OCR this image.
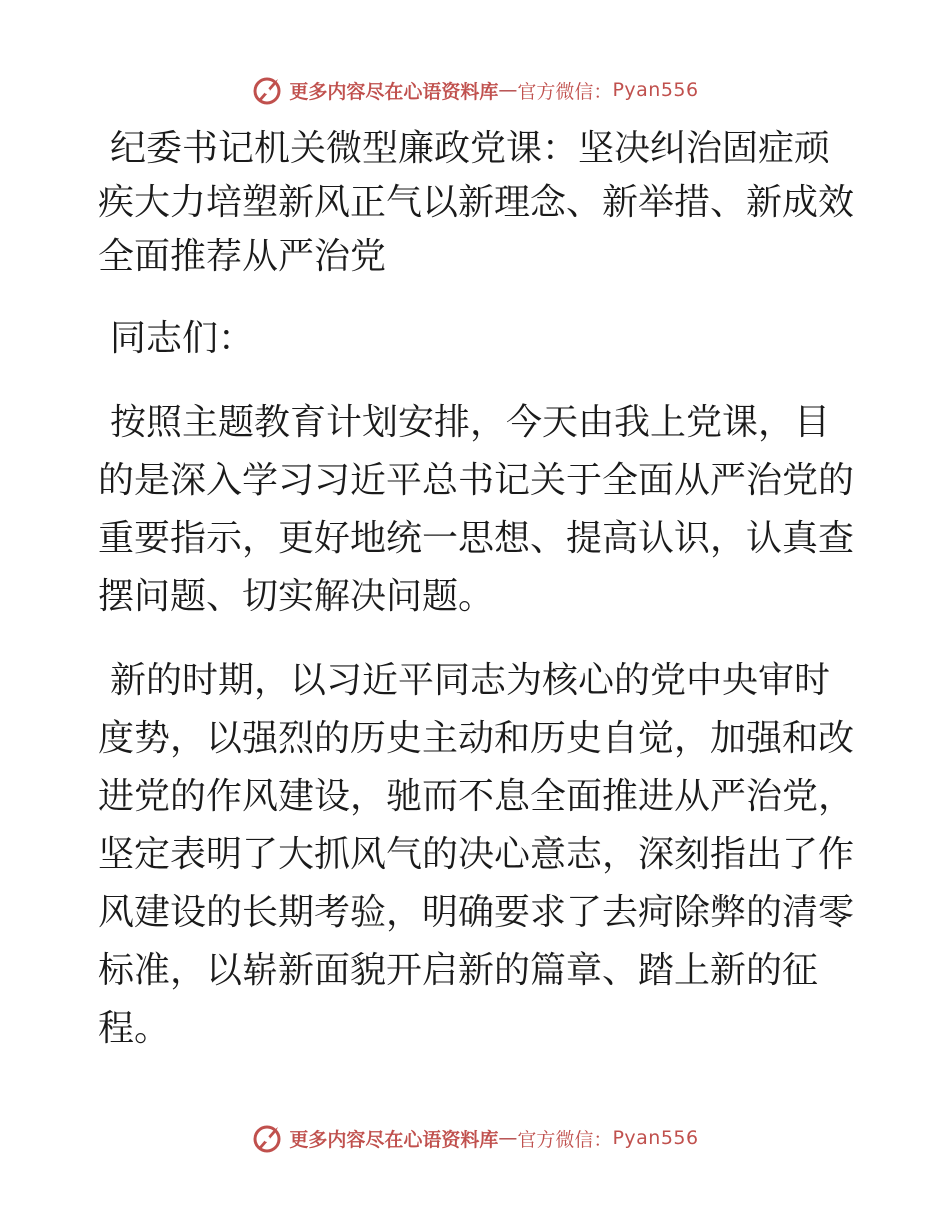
更多内容尽在心语资料库 — 官方微信： Pyan556
纪委书记机关微型廉政党课：坚决纠治固症顽疾大力培塑新风正气以新理念、新举措、新成效全面推荐从严治党

同志们：

按照主题教育计划安排，今天由我上党课，目的是深入学习习近平总书记关于全面从严治党的重要指示，更好地统一思想、提高认识，认真查摆问题、切实解决问题。

新的时期，以习近平同志为核心的党中央审时度势，以强烈的历史主动和历史自觉，加强和改进党的作风建设，驰而不息全面推进从严治党，坚定表明了大抓风气的决心意志，深刻指出了作风建设的长期考验，明确要求了去疴除弊的清零标准，以崭新面貌开启新的篇章、踏上新的征程。

更多内容尽在心语资料库 — 官方微信： Pyan556
